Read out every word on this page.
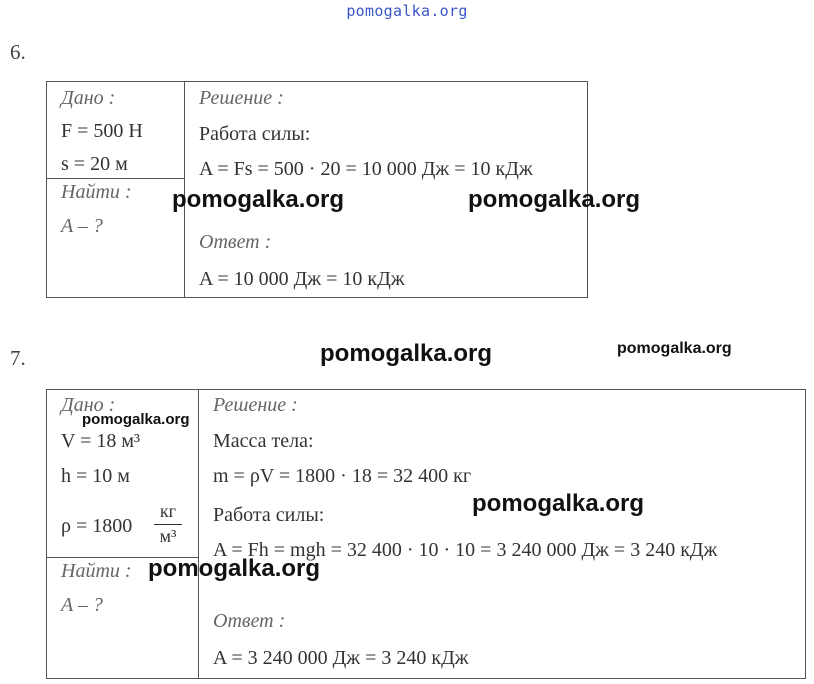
pomogalka.org
6.
Дано :
F = 500 Н
s = 20 м
Найти :
A – ?
Решение :
Работа силы:
A = Fs = 500 · 20 = 10 000 Дж = 10 кДж
Ответ :
A = 10 000 Дж = 10 кДж
7.
Дано :
V = 18 м³
h = 10 м
ρ = 1800
кг
м³
Найти :
A – ?
Решение :
Масса тела:
m = ρV = 1800 · 18 = 32 400 кг
Работа силы:
A = Fh = mgh = 32 400 · 10 · 10 = 3 240 000 Дж = 3 240 кДж
Ответ :
A = 3 240 000 Дж = 3 240 кДж
pomogalka.org	pomogalka.org
pomogalka.org	pomogalka.org
pomogalka.org
pomogalka.org
pomogalka.org
